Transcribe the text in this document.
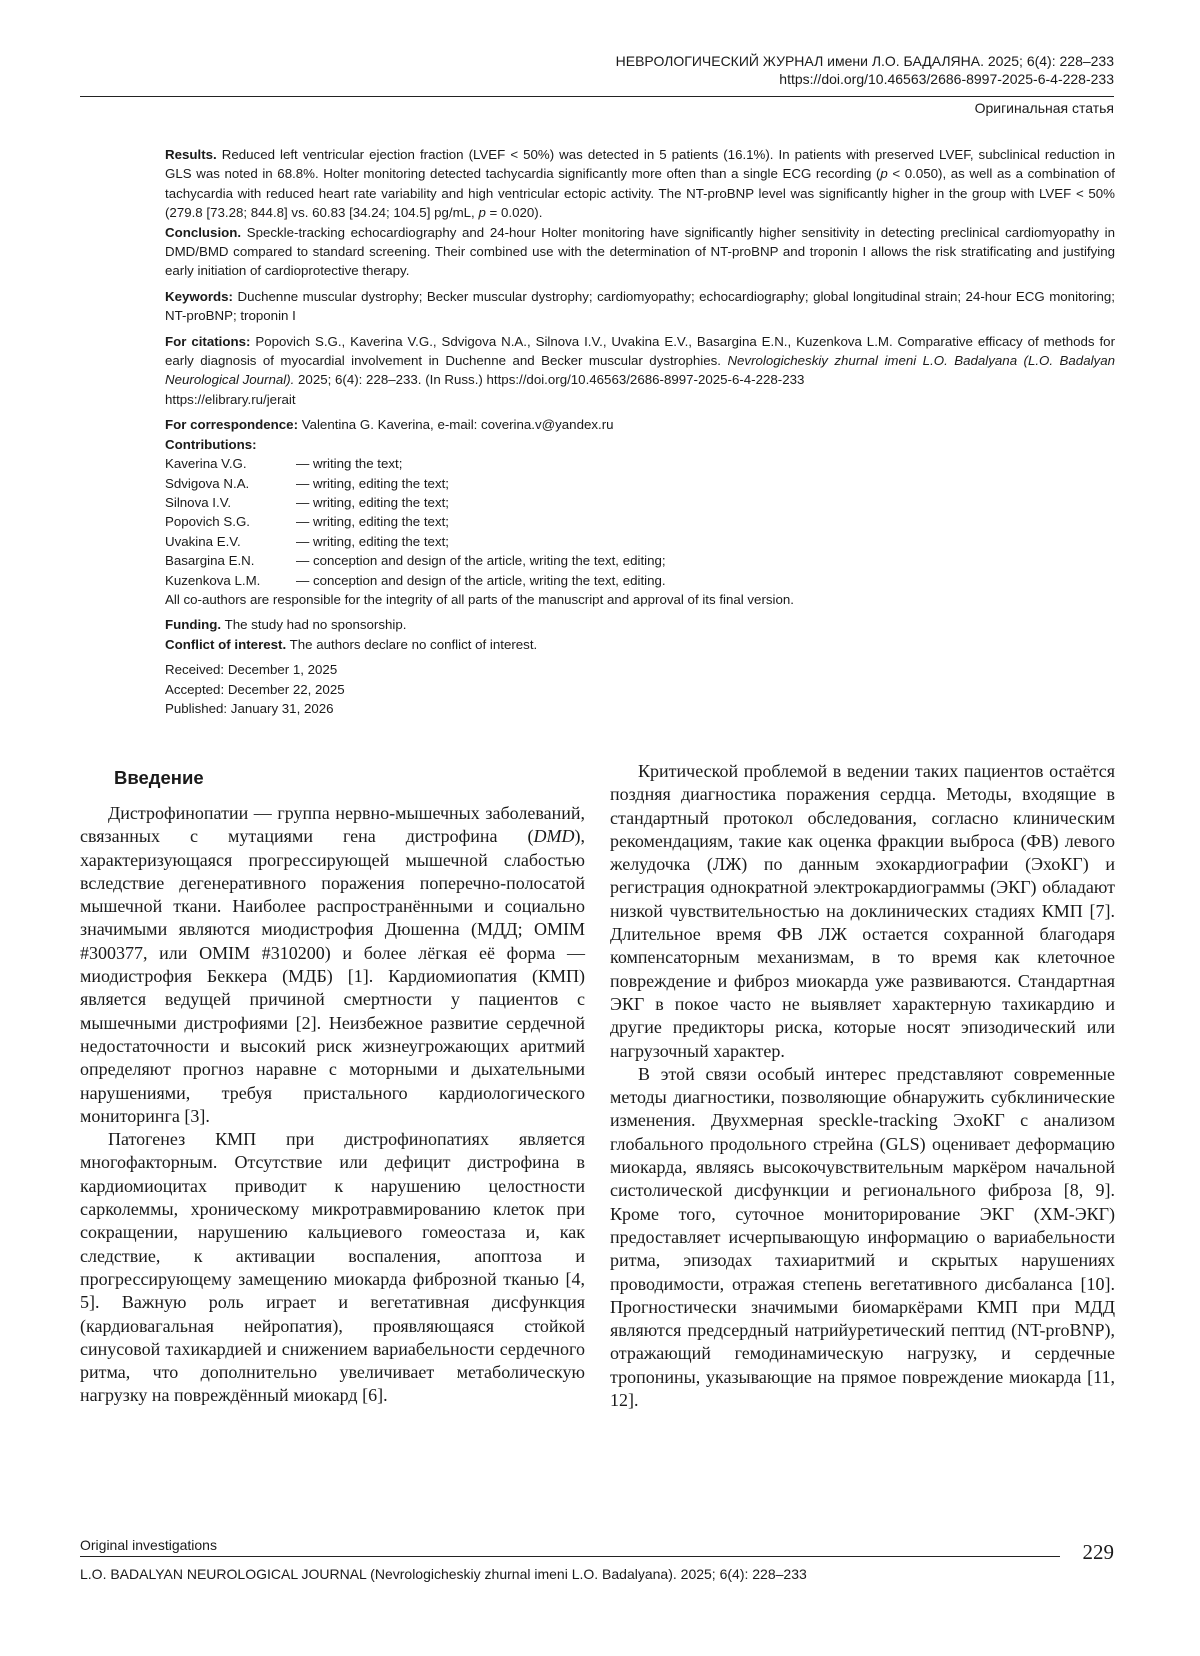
НЕВРОЛОГИЧЕСКИЙ ЖУРНАЛ имени Л.О. БАДАЛЯНА. 2025; 6(4): 228–233
https://doi.org/10.46563/2686-8997-2025-6-4-228-233
Оригинальная статья

Results. Reduced left ventricular ejection fraction (LVEF < 50%) was detected in 5 patients (16.1%). In patients with preserved LVEF, subclinical reduction in GLS was noted in 68.8%. Holter monitoring detected tachycardia significantly more often than a single ECG recording (p < 0.050), as well as a combination of tachycardia with reduced heart rate variability and high ventricular ectopic activity. The NT-proBNP level was significantly higher in the group with LVEF < 50% (279.8 [73.28; 844.8] vs. 60.83 [34.24; 104.5] pg/mL, p = 0.020).

Conclusion. Speckle-tracking echocardiography and 24-hour Holter monitoring have significantly higher sensitivity in detecting preclinical cardiomyopathy in DMD/BMD compared to standard screening. Their combined use with the determination of NT-proBNP and troponin I allows the risk stratificating and justifying early initiation of cardioprotective therapy.

Keywords: Duchenne muscular dystrophy; Becker muscular dystrophy; cardiomyopathy; echocardiography; global longitudinal strain; 24-hour ECG monitoring; NT-proBNP; troponin I

For citations: Popovich S.G., Kaverina V.G., Sdvigova N.A., Silnova I.V., Uvakina E.V., Basargina E.N., Kuzenkova L.M. Comparative efficacy of methods for early diagnosis of myocardial involvement in Duchenne and Becker muscular dystrophies. Nevrologicheskiy zhurnal imeni L.O. Badalyana (L.O. Badalyan Neurological Journal). 2025; 6(4): 228–233. (In Russ.) https://doi.org/10.46563/2686-8997-2025-6-4-228-233
https://elibrary.ru/jerait

For correspondence: Valentina G. Kaverina, e-mail: coverina.v@yandex.ru

Contributions:

Kaverina V.G.	— writing the text;
Sdvigova N.A.	— writing, editing the text;
Silnova I.V.	— writing, editing the text;
Popovich S.G.	— writing, editing the text;
Uvakina E.V.	— writing, editing the text;
Basargina E.N.	— conception and design of the article, writing the text, editing;
Kuzenkova L.M.	— conception and design of the article, writing the text, editing.

All co-authors are responsible for the integrity of all parts of the manuscript and approval of its final version.

Funding. The study had no sponsorship.

Conflict of interest. The authors declare no conflict of interest.

Received: December 1, 2025
Accepted: December 22, 2025
Published: January 31, 2026
Введение

Дистрофинопатии — группа нервно-мышечных заболеваний, связанных с мутациями гена дистрофина (DMD), характеризующаяся прогрессирующей мышечной слабостью вследствие дегенеративного поражения поперечно-полосатой мышечной ткани. Наиболее распространёнными и социально значимыми являются миодистрофия Дюшенна (МДД; OMIM #300377, или OMIM #310200) и более лёгкая её форма — миодистрофия Беккера (МДБ) [1]. Кардиомиопатия (КМП) является ведущей причиной смертности у пациентов с мышечными дистрофиями [2]. Неизбежное развитие сердечной недостаточности и высокий риск жизнеугрожающих аритмий определяют прогноз наравне с моторными и дыхательными нарушениями, требуя пристального кардиологического мониторинга [3].

Патогенез КМП при дистрофинопатиях является многофакторным. Отсутствие или дефицит дистрофина в кардиомиоцитах приводит к нарушению целостности сарколеммы, хроническому микротравмированию клеток при сокращении, нарушению кальциевого гомеостаза и, как следствие, к активации воспаления, апоптоза и прогрессирующему замещению миокарда фиброзной тканью [4, 5]. Важную роль играет и вегетативная дисфункция (кардиовагальная нейропатия), проявляющаяся стойкой синусовой тахикардией и снижением вариабельности сердечного ритма, что дополнительно увеличивает метаболическую нагрузку на повреждённый миокард [6].

Критической проблемой в ведении таких пациентов остаётся поздняя диагностика поражения сердца. Методы, входящие в стандартный протокол обследования, согласно клиническим рекомендациям, такие как оценка фракции выброса (ФВ) левого желудочка (ЛЖ) по данным эхокардиографии (ЭхоКГ) и регистрация однократной электрокардиограммы (ЭКГ) обладают низкой чувствительностью на доклинических стадиях КМП [7]. Длительное время ФВ ЛЖ остается сохранной благодаря компенсаторным механизмам, в то время как клеточное повреждение и фиброз миокарда уже развиваются. Стандартная ЭКГ в покое часто не выявляет характерную тахикардию и другие предикторы риска, которые носят эпизодический или нагрузочный характер.

В этой связи особый интерес представляют современные методы диагностики, позволяющие обнаружить субклинические изменения. Двухмерная speckle-tracking ЭхоКГ с анализом глобального продольного стрейна (GLS) оценивает деформацию миокарда, являясь высокочувствительным маркёром начальной систолической дисфункции и регионального фиброза [8, 9]. Кроме того, суточное мониторирование ЭКГ (ХМ-ЭКГ) предоставляет исчерпывающую информацию о вариабельности ритма, эпизодах тахиаритмий и скрытых нарушениях проводимости, отражая степень вегетативного дисбаланса [10]. Прогностически значимыми биомаркёрами КМП при МДД являются предсердный натрийуретический пептид (NT-proBNP), отражающий гемодинамическую нагрузку, и сердечные тропонины, указывающие на прямое повреждение миокарда [11, 12].

Original investigations	229
L.O. BADALYAN NEUROLOGICAL JOURNAL (Nevrologicheskiy zhurnal imeni L.O. Badalyana). 2025; 6(4): 228–233
